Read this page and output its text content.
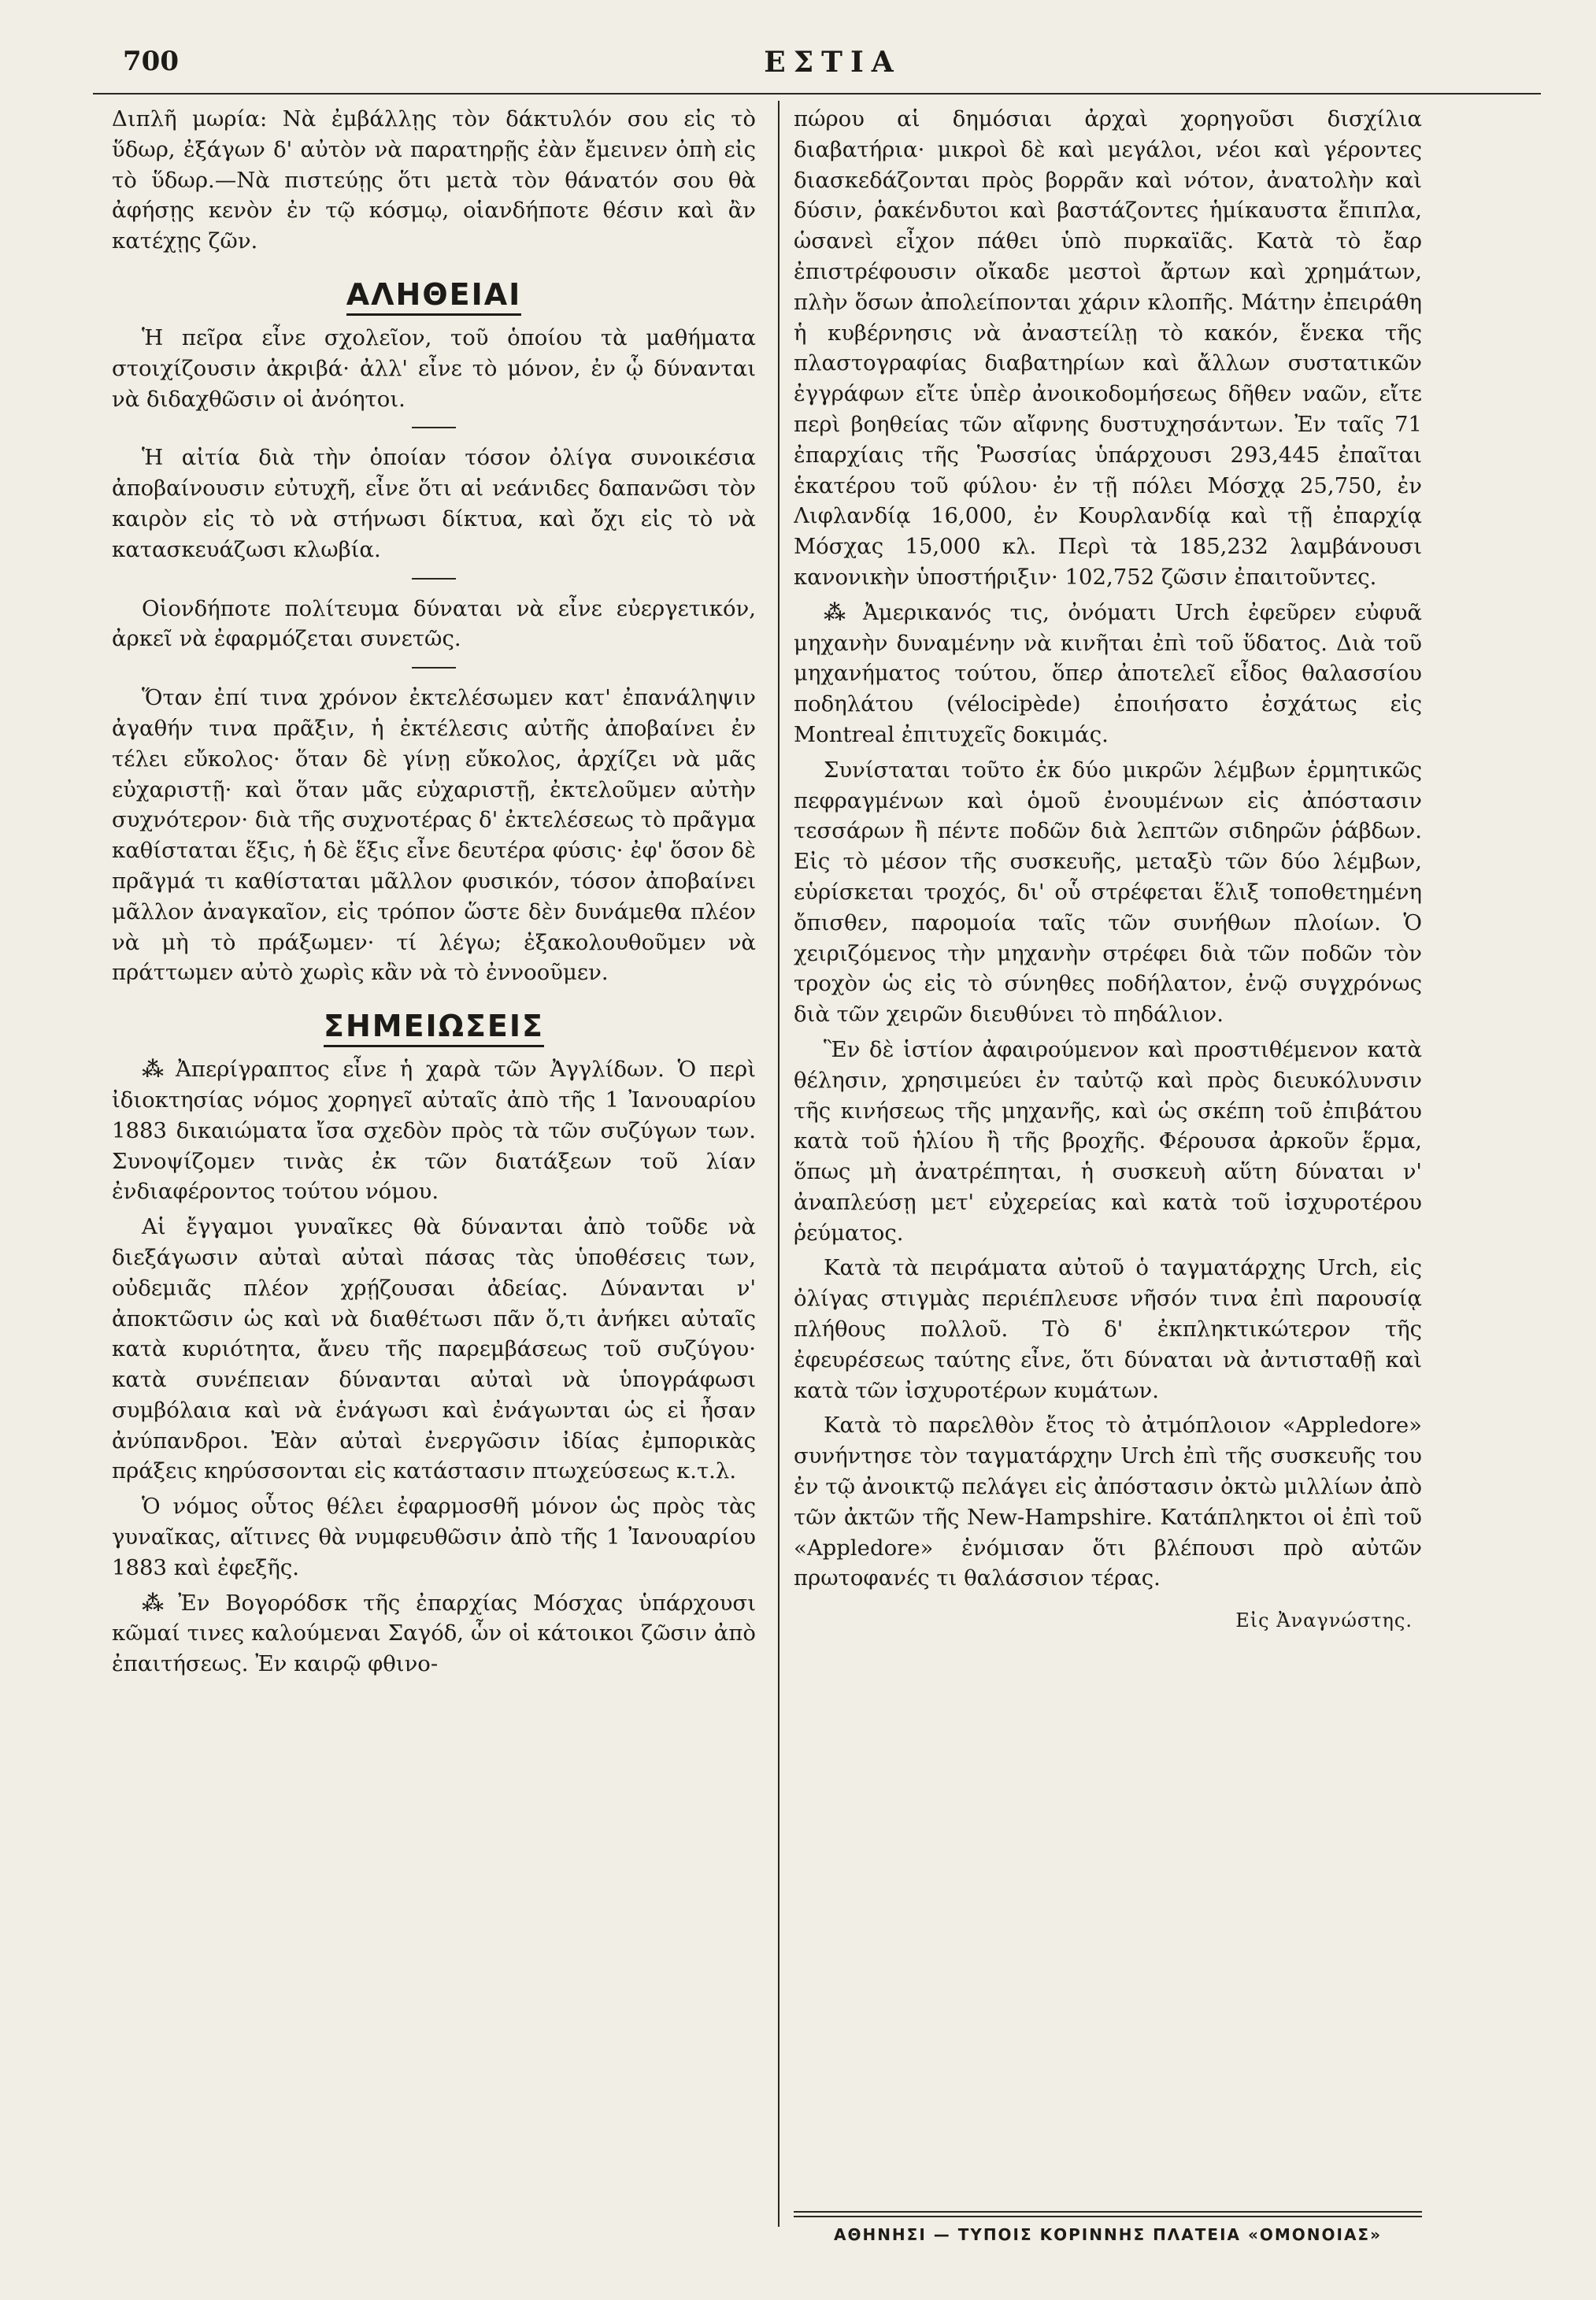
700	ΕΣΤΙΑ

Διπλῆ μωρία: Νὰ ἐμβάλλῃς τὸν δάκτυλόν σου εἰς τὸ ὕδωρ, ἐξάγων δ' αὐτὸν νὰ παρατηρῇς ἐὰν ἔμεινεν ὀπὴ εἰς τὸ ὕδωρ.—Νὰ πιστεύῃς ὅτι μετὰ τὸν θάνατόν σου θὰ ἀφήσῃς κενὸν ἐν τῷ κόσμῳ, οἱανδήποτε θέσιν καὶ ἂν κατέχῃς ζῶν.

ΑΛΗΘΕΙΑΙ

Ἡ πεῖρα εἶνε σχολεῖον, τοῦ ὁποίου τὰ μαθήματα στοιχίζουσιν ἀκριβά· ἀλλ' εἶνε τὸ μόνον, ἐν ᾧ δύνανται νὰ διδαχθῶσιν οἱ ἀνόητοι.

Ἡ αἰτία διὰ τὴν ὁποίαν τόσον ὀλίγα συνοικέσια ἀποβαίνουσιν εὐτυχῆ, εἶνε ὅτι αἱ νεάνιδες δαπανῶσι τὸν καιρὸν εἰς τὸ νὰ στήνωσι δίκτυα, καὶ ὄχι εἰς τὸ νὰ κατασκευάζωσι κλωβία.

Οἱονδήποτε πολίτευμα δύναται νὰ εἶνε εὐεργετικόν, ἀρκεῖ νὰ ἐφαρμόζεται συνετῶς.

Ὅταν ἐπί τινα χρόνον ἐκτελέσωμεν κατ' ἐπανάληψιν ἀγαθήν τινα πρᾶξιν, ἡ ἐκτέλεσις αὐτῆς ἀποβαίνει ἐν τέλει εὔκολος· ὅταν δὲ γίνῃ εὔκολος, ἀρχίζει νὰ μᾶς εὐχαριστῇ· καὶ ὅταν μᾶς εὐχαριστῇ, ἐκτελοῦμεν αὐτὴν συχνότερον· διὰ τῆς συχνοτέρας δ' ἐκτελέσεως τὸ πρᾶγμα καθίσταται ἕξις, ἡ δὲ ἕξις εἶνε δευτέρα φύσις· ἐφ' ὅσον δὲ πρᾶγμά τι καθίσταται μᾶλλον φυσικόν, τόσον ἀποβαίνει μᾶλλον ἀναγκαῖον, εἰς τρόπον ὥστε δὲν δυνάμεθα πλέον νὰ μὴ τὸ πράξωμεν· τί λέγω; ἐξακολουθοῦμεν νὰ πράττωμεν αὐτὸ χωρὶς κἂν νὰ τὸ ἐννοοῦμεν.

ΣΗΜΕΙΩΣΕΙΣ

⁂ Ἀπερίγραπτος εἶνε ἡ χαρὰ τῶν Ἀγγλίδων. Ὁ περὶ ἰδιοκτησίας νόμος χορηγεῖ αὐταῖς ἀπὸ τῆς 1 Ἰανουαρίου 1883 δικαιώματα ἴσα σχεδὸν πρὸς τὰ τῶν συζύγων των. Συνοψίζομεν τινὰς ἐκ τῶν διατάξεων τοῦ λίαν ἐνδιαφέροντος τούτου νόμου.

Αἱ ἔγγαμοι γυναῖκες θὰ δύνανται ἀπὸ τοῦδε νὰ διεξάγωσιν αὐταὶ αὐταὶ πάσας τὰς ὑποθέσεις των, οὐδεμιᾶς πλέον χρῄζουσαι ἀδείας. Δύνανται ν' ἀποκτῶσιν ὡς καὶ νὰ διαθέτωσι πᾶν ὅ,τι ἀνήκει αὐταῖς κατὰ κυριότητα, ἄνευ τῆς παρεμβάσεως τοῦ συζύγου· κατὰ συνέπειαν δύνανται αὐταὶ νὰ ὑπογράφωσι συμβόλαια καὶ νὰ ἐνάγωσι καὶ ἐνάγωνται ὡς εἰ ἦσαν ἀνύπανδροι. Ἐὰν αὐταὶ ἐνεργῶσιν ἰδίας ἐμπορικὰς πράξεις κηρύσσονται εἰς κατάστασιν πτωχεύσεως κ.τ.λ.

Ὁ νόμος οὗτος θέλει ἐφαρμοσθῆ μόνον ὡς πρὸς τὰς γυναῖκας, αἵτινες θὰ νυμφευθῶσιν ἀπὸ τῆς 1 Ἰανουαρίου 1883 καὶ ἐφεξῆς.

⁂ Ἐν Βογορόδσκ τῆς ἐπαρχίας Μόσχας ὑπάρχουσι κῶμαί τινες καλούμεναι Σαγόδ, ὧν οἱ κάτοικοι ζῶσιν ἀπὸ ἐπαιτήσεως. Ἐν καιρῷ φθινο-

πώρου αἱ δημόσιαι ἀρχαὶ χορηγοῦσι δισχίλια διαβατήρια· μικροὶ δὲ καὶ μεγάλοι, νέοι καὶ γέροντες διασκεδάζονται πρὸς βορρᾶν καὶ νότον, ἀνατολὴν καὶ δύσιν, ῥακένδυτοι καὶ βαστάζοντες ἡμίκαυστα ἔπιπλα, ὡσανεὶ εἶχον πάθει ὑπὸ πυρκαϊᾶς. Κατὰ τὸ ἔαρ ἐπιστρέφουσιν οἴκαδε μεστοὶ ἄρτων καὶ χρημάτων, πλὴν ὅσων ἀπολείπονται χάριν κλοπῆς. Μάτην ἐπειράθη ἡ κυβέρνησις νὰ ἀναστείλῃ τὸ κακόν, ἕνεκα τῆς πλαστογραφίας διαβατηρίων καὶ ἄλλων συστατικῶν ἐγγράφων εἴτε ὑπὲρ ἀνοικοδομήσεως δῆθεν ναῶν, εἴτε περὶ βοηθείας τῶν αἴφνης δυστυχησάντων. Ἐν ταῖς 71 ἐπαρχίαις τῆς Ῥωσσίας ὑπάρχουσι 293,445 ἐπαῖται ἑκατέρου τοῦ φύλου· ἐν τῇ πόλει Μόσχᾳ 25,750, ἐν Λιφλανδίᾳ 16,000, ἐν Κουρλανδίᾳ καὶ τῇ ἐπαρχίᾳ Μόσχας 15,000 κλ. Περὶ τὰ 185,232 λαμβάνουσι κανονικὴν ὑποστήριξιν· 102,752 ζῶσιν ἐπαιτοῦντες.

⁂ Ἀμερικανός τις, ὀνόματι Urch ἐφεῦρεν εὐφυᾶ μηχανὴν δυναμένην νὰ κινῆται ἐπὶ τοῦ ὕδατος. Διὰ τοῦ μηχανήματος τούτου, ὅπερ ἀποτελεῖ εἶδος θαλασσίου ποδηλάτου (vélocipède) ἐποιήσατο ἐσχάτως εἰς Montreal ἐπιτυχεῖς δοκιμάς.

Συνίσταται τοῦτο ἐκ δύο μικρῶν λέμβων ἑρμητικῶς πεφραγμένων καὶ ὁμοῦ ἐνουμένων εἰς ἀπόστασιν τεσσάρων ἢ πέντε ποδῶν διὰ λεπτῶν σιδηρῶν ῥάβδων. Εἰς τὸ μέσον τῆς συσκευῆς, μεταξὺ τῶν δύο λέμβων, εὑρίσκεται τροχός, δι' οὗ στρέφεται ἕλιξ τοποθετημένη ὄπισθεν, παρομοία ταῖς τῶν συνήθων πλοίων. Ὁ χειριζόμενος τὴν μηχανὴν στρέφει διὰ τῶν ποδῶν τὸν τροχὸν ὡς εἰς τὸ σύνηθες ποδήλατον, ἐνῷ συγχρόνως διὰ τῶν χειρῶν διευθύνει τὸ πηδάλιον.

Ἓν δὲ ἱστίον ἀφαιρούμενον καὶ προστιθέμενον κατὰ θέλησιν, χρησιμεύει ἐν ταὐτῷ καὶ πρὸς διευκόλυνσιν τῆς κινήσεως τῆς μηχανῆς, καὶ ὡς σκέπη τοῦ ἐπιβάτου κατὰ τοῦ ἡλίου ἢ τῆς βροχῆς. Φέρουσα ἀρκοῦν ἕρμα, ὅπως μὴ ἀνατρέπηται, ἡ συσκευὴ αὕτη δύναται ν' ἀναπλεύσῃ μετ' εὐχερείας καὶ κατὰ τοῦ ἰσχυροτέρου ῥεύματος.

Κατὰ τὰ πειράματα αὐτοῦ ὁ ταγματάρχης Urch, εἰς ὀλίγας στιγμὰς περιέπλευσε νῆσόν τινα ἐπὶ παρουσίᾳ πλήθους πολλοῦ. Τὸ δ' ἐκπληκτικώτερον τῆς ἐφευρέσεως ταύτης εἶνε, ὅτι δύναται νὰ ἀντισταθῇ καὶ κατὰ τῶν ἰσχυροτέρων κυμάτων.

Κατὰ τὸ παρελθὸν ἔτος τὸ ἀτμόπλοιον «Appledore» συνήντησε τὸν ταγματάρχην Urch ἐπὶ τῆς συσκευῆς του ἐν τῷ ἀνοικτῷ πελάγει εἰς ἀπόστασιν ὀκτὼ μιλλίων ἀπὸ τῶν ἀκτῶν τῆς New-Hampshire. Κατάπληκτοι οἱ ἐπὶ τοῦ «Appledore» ἐνόμισαν ὅτι βλέπουσι πρὸ αὐτῶν πρωτοφανές τι θαλάσσιον τέρας.

Εἰς Ἀναγνώστης.
ΑΘΗΝΗΣΙ — ΤΥΠΟΙΣ ΚΟΡΙΝΝΗΣ ΠΛΑΤΕΙΑ «ΟΜΟΝΟΙΑΣ»
